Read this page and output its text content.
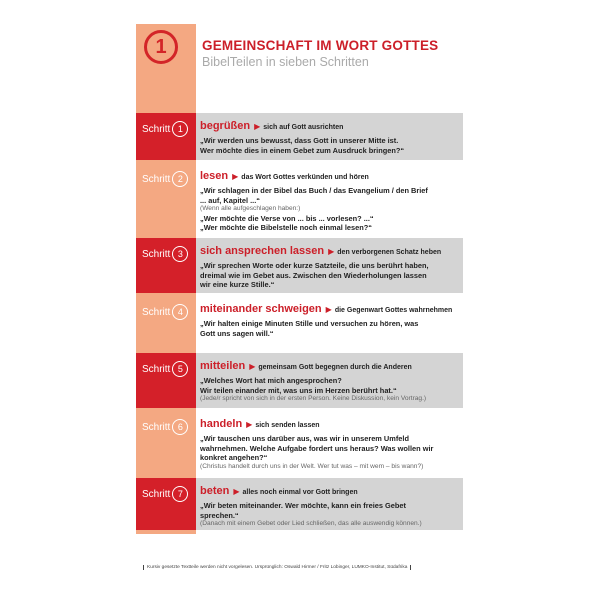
1	GEMEINSCHAFT IM WORT GOTTES
BibelTeilen in sieben Schritten
Schritt 1	begrüßen ▶ sich auf Gott ausrichten
„Wir werden uns bewusst, dass Gott in unserer Mitte ist.
Wer möchte dies in einem Gebet zum Ausdruck bringen?“
Schritt 2	lesen ▶ das Wort Gottes verkünden und hören
„Wir schlagen in der Bibel das Buch / das Evangelium / den Brief
... auf, Kapitel ...“
(Wenn alle aufgeschlagen haben:)
„Wer möchte die Verse von ... bis ... vorlesen? ...“
„Wer möchte die Bibelstelle noch einmal lesen?“
Schritt 3	sich ansprechen lassen ▶ den verborgenen Schatz heben
„Wir sprechen Worte oder kurze Satzteile, die uns berührt haben,
dreimal wie im Gebet aus. Zwischen den Wiederholungen lassen
wir eine kurze Stille.“
Schritt 4	miteinander schweigen ▶ die Gegenwart Gottes wahrnehmen
„Wir halten einige Minuten Stille und versuchen zu hören, was
Gott uns sagen will.“
Schritt 5	mitteilen ▶ gemeinsam Gott begegnen durch die Anderen
„Welches Wort hat mich angesprochen?
Wir teilen einander mit, was uns im Herzen berührt hat.“
(Jede/r spricht von sich in der ersten Person. Keine Diskussion, kein Vortrag.)
Schritt 6	handeln ▶ sich senden lassen
„Wir tauschen uns darüber aus, was wir in unserem Umfeld
wahrnehmen. Welche Aufgabe fordert uns heraus? Was wollen wir
konkret angehen?“
(Christus handelt durch uns in der Welt. Wer tut was – mit wem – bis wann?)
Schritt 7	beten ▶ alles noch einmal vor Gott bringen
„Wir beten miteinander. Wer möchte, kann ein freies Gebet
sprechen.“
(Danach mit einem Gebet oder Lied schließen, das alle auswendig können.)
Kursiv gesetzte Textteile werden nicht vorgelesen. Ursprünglich: Oswald Hirmer / Fritz Lobinger, LUMKO-Institut, Südafrika
